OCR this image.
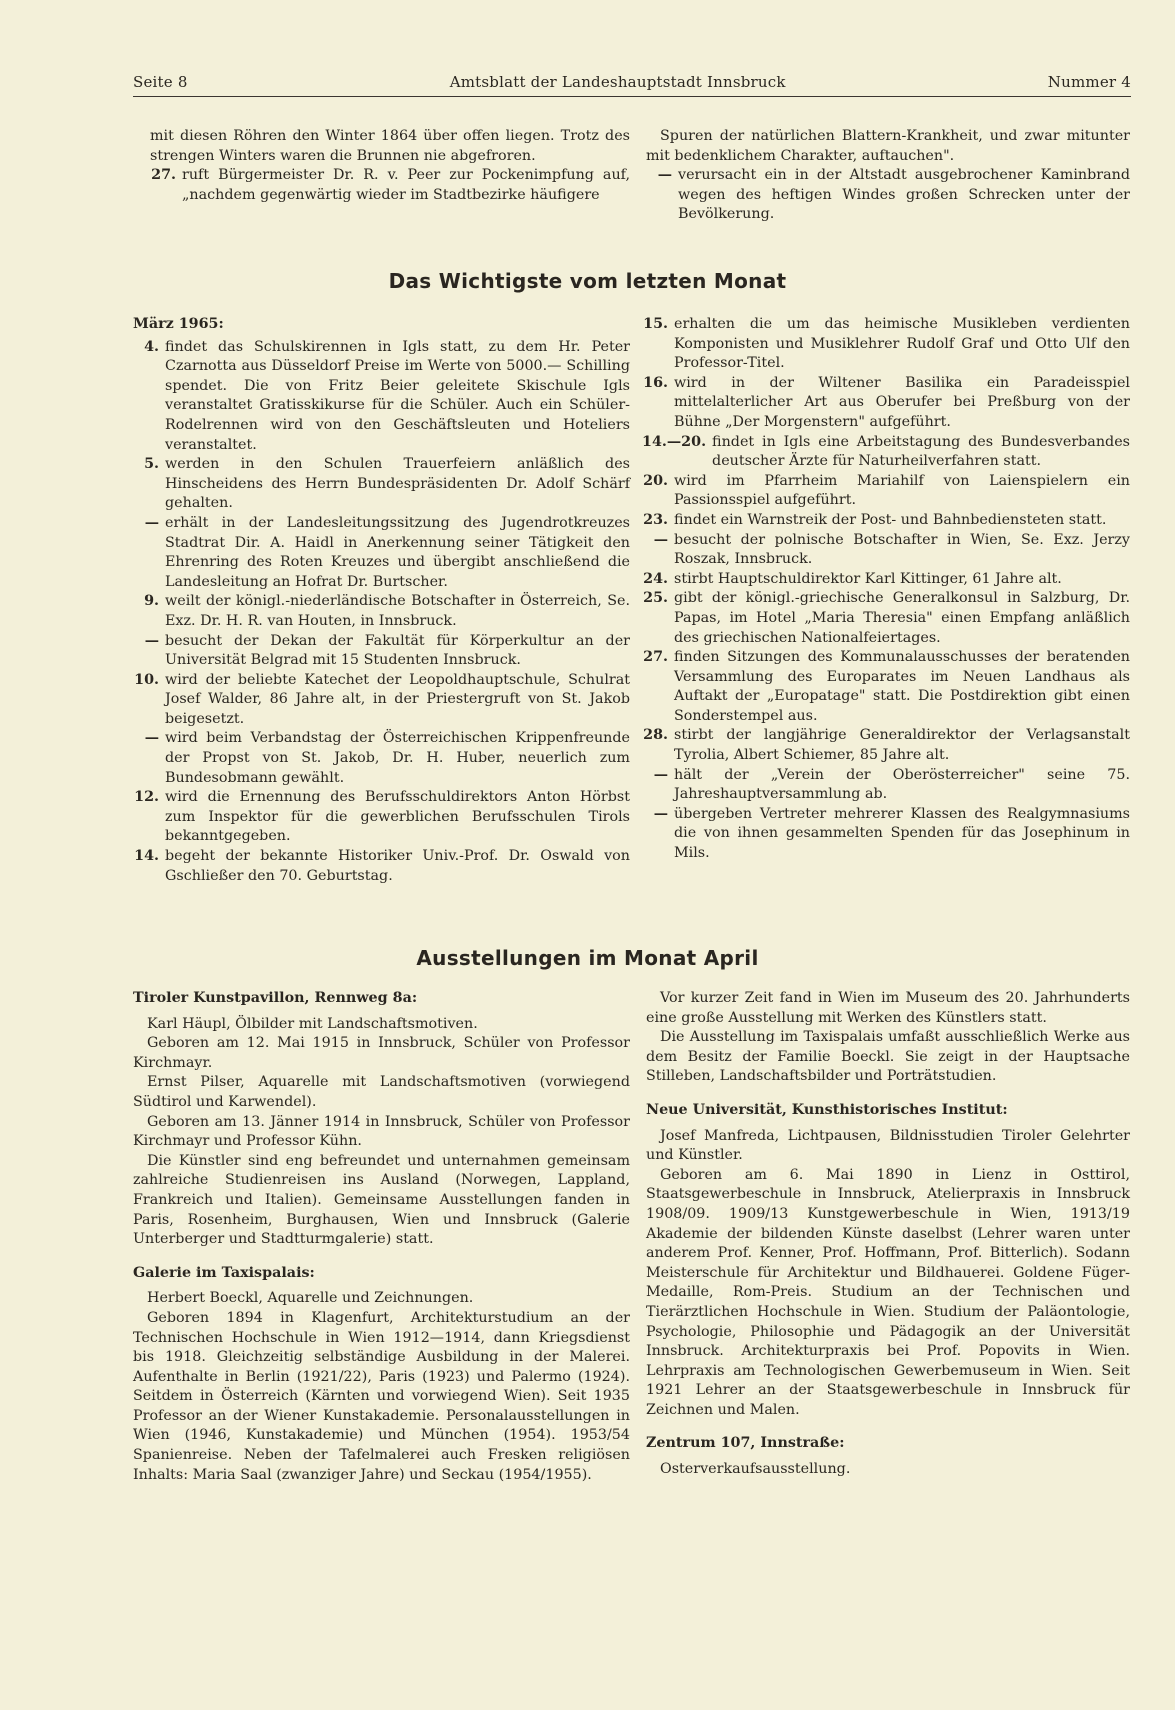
Seite 8	Amtsblatt der Landeshauptstadt Innsbruck	Nummer 4

mit diesen Röhren den Winter 1864 über offen liegen. Trotz des strengen Winters waren die Brunnen nie abgefroren.

27. ruft Bürgermeister Dr. R. v. Peer zur Pockenimpfung auf, „nachdem gegenwärtig wieder im Stadtbezirke häufigere

Spuren der natürlichen Blattern-Krankheit, und zwar mitunter mit bedenklichem Charakter, auftauchen".

— verursacht ein in der Altstadt ausgebrochener Kaminbrand wegen des heftigen Windes großen Schrecken unter der Bevölkerung.
Das Wichtigste vom letzten Monat
März 1965:
4. findet das Schulskirennen in Igls statt, zu dem Hr. Peter Czarnotta aus Düsseldorf Preise im Werte von 5000.— Schilling spendet. Die von Fritz Beier geleitete Skischule Igls veranstaltet Gratisskikurse für die Schüler. Auch ein Schüler-Rodelrennen wird von den Geschäftsleuten und Hoteliers veranstaltet.
5. werden in den Schulen Trauerfeiern anläßlich des Hinscheidens des Herrn Bundespräsidenten Dr. Adolf Schärf gehalten.
— erhält in der Landesleitungssitzung des Jugendrotkreuzes Stadtrat Dir. A. Haidl in Anerkennung seiner Tätigkeit den Ehrenring des Roten Kreuzes und übergibt anschließend die Landesleitung an Hofrat Dr. Burtscher.
9. weilt der königl.-niederländische Botschafter in Österreich, Se. Exz. Dr. H. R. van Houten, in Innsbruck.
— besucht der Dekan der Fakultät für Körperkultur an der Universität Belgrad mit 15 Studenten Innsbruck.
10. wird der beliebte Katechet der Leopoldhauptschule, Schulrat Josef Walder, 86 Jahre alt, in der Priestergruft von St. Jakob beigesetzt.
— wird beim Verbandstag der Österreichischen Krippenfreunde der Propst von St. Jakob, Dr. H. Huber, neuerlich zum Bundesobmann gewählt.
12. wird die Ernennung des Berufsschuldirektors Anton Hörbst zum Inspektor für die gewerblichen Berufsschulen Tirols bekanntgegeben.
14. begeht der bekannte Historiker Univ.-Prof. Dr. Oswald von Gschließer den 70. Geburtstag.
15. erhalten die um das heimische Musikleben verdienten Komponisten und Musiklehrer Rudolf Graf und Otto Ulf den Professor-Titel.
16. wird in der Wiltener Basilika ein Paradeisspiel mittelalterlicher Art aus Oberufer bei Preßburg von der Bühne „Der Morgenstern" aufgeführt.
14.—20. findet in Igls eine Arbeitstagung des Bundesverbandes deutscher Ärzte für Naturheilverfahren statt.
20. wird im Pfarrheim Mariahilf von Laienspielern ein Passionsspiel aufgeführt.
23. findet ein Warnstreik der Post- und Bahnbediensteten statt.
— besucht der polnische Botschafter in Wien, Se. Exz. Jerzy Roszak, Innsbruck.
24. stirbt Hauptschuldirektor Karl Kittinger, 61 Jahre alt.
25. gibt der königl.-griechische Generalkonsul in Salzburg, Dr. Papas, im Hotel „Maria Theresia" einen Empfang anläßlich des griechischen Nationalfeiertages.
27. finden Sitzungen des Kommunalausschusses der beratenden Versammlung des Europarates im Neuen Landhaus als Auftakt der „Europatage" statt. Die Postdirektion gibt einen Sonderstempel aus.
28. stirbt der langjährige Generaldirektor der Verlagsanstalt Tyrolia, Albert Schiemer, 85 Jahre alt.
— hält der „Verein der Oberösterreicher" seine 75. Jahreshauptversammlung ab.
— übergeben Vertreter mehrerer Klassen des Realgymnasiums die von ihnen gesammelten Spenden für das Josephinum in Mils.
Ausstellungen im Monat April
Tiroler Kunstpavillon, Rennweg 8a:

Karl Häupl, Ölbilder mit Landschaftsmotiven.

Geboren am 12. Mai 1915 in Innsbruck, Schüler von Professor Kirchmayr.

Ernst Pilser, Aquarelle mit Landschaftsmotiven (vorwiegend Südtirol und Karwendel).

Geboren am 13. Jänner 1914 in Innsbruck, Schüler von Professor Kirchmayr und Professor Kühn.

Die Künstler sind eng befreundet und unternahmen gemeinsam zahlreiche Studienreisen ins Ausland (Norwegen, Lappland, Frankreich und Italien). Gemeinsame Ausstellungen fanden in Paris, Rosenheim, Burghausen, Wien und Innsbruck (Galerie Unterberger und Stadtturmgalerie) statt.

Galerie im Taxispalais:

Herbert Boeckl, Aquarelle und Zeichnungen.

Geboren 1894 in Klagenfurt, Architekturstudium an der Technischen Hochschule in Wien 1912—1914, dann Kriegsdienst bis 1918. Gleichzeitig selbständige Ausbildung in der Malerei. Aufenthalte in Berlin (1921/22), Paris (1923) und Palermo (1924). Seitdem in Österreich (Kärnten und vorwiegend Wien). Seit 1935 Professor an der Wiener Kunstakademie. Personalausstellungen in Wien (1946, Kunstakademie) und München (1954). 1953/54 Spanienreise. Neben der Tafelmalerei auch Fresken religiösen Inhalts: Maria Saal (zwanziger Jahre) und Seckau (1954/1955).

Vor kurzer Zeit fand in Wien im Museum des 20. Jahrhunderts eine große Ausstellung mit Werken des Künstlers statt.

Die Ausstellung im Taxispalais umfaßt ausschließlich Werke aus dem Besitz der Familie Boeckl. Sie zeigt in der Hauptsache Stilleben, Landschaftsbilder und Porträtstudien.

Neue Universität, Kunsthistorisches Institut:

Josef Manfreda, Lichtpausen, Bildnisstudien Tiroler Gelehrter und Künstler.

Geboren am 6. Mai 1890 in Lienz in Osttirol, Staatsgewerbeschule in Innsbruck, Atelierpraxis in Innsbruck 1908/09. 1909/13 Kunstgewerbeschule in Wien, 1913/19 Akademie der bildenden Künste daselbst (Lehrer waren unter anderem Prof. Kenner, Prof. Hoffmann, Prof. Bitterlich). Sodann Meisterschule für Architektur und Bildhauerei. Goldene Füger-Medaille, Rom-Preis. Studium an der Technischen und Tierärztlichen Hochschule in Wien. Studium der Paläontologie, Psychologie, Philosophie und Pädagogik an der Universität Innsbruck. Architekturpraxis bei Prof. Popovits in Wien. Lehrpraxis am Technologischen Gewerbemuseum in Wien. Seit 1921 Lehrer an der Staatsgewerbeschule in Innsbruck für Zeichnen und Malen.

Zentrum 107, Innstraße:

Osterverkaufsausstellung.
